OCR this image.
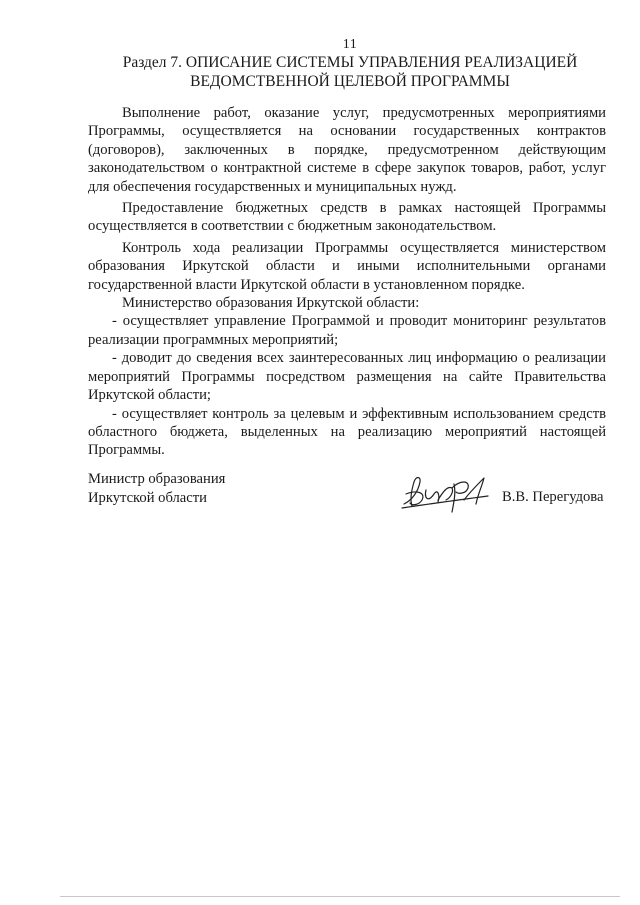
11
Раздел 7. ОПИСАНИЕ СИСТЕМЫ УПРАВЛЕНИЯ РЕАЛИЗАЦИЕЙ
ВЕДОМСТВЕННОЙ ЦЕЛЕВОЙ ПРОГРАММЫ

Выполнение работ, оказание услуг, предусмотренных мероприятиями Программы, осуществляется на основании государственных контрактов (договоров), заключенных в порядке, предусмотренном действующим законодательством о контрактной системе в сфере закупок товаров, работ, услуг для обеспечения государственных и муниципальных нужд.

Предоставление бюджетных средств в рамках настоящей Программы осуществляется в соответствии с бюджетным законодательством.

Контроль хода реализации Программы осуществляется министерством образования Иркутской области и иными исполнительными органами государственной власти Иркутской области в установленном порядке.

Министерство образования Иркутской области:

- осуществляет управление Программой и проводит мониторинг результатов реализации программных мероприятий;

- доводит до сведения всех заинтересованных лиц информацию о реализации мероприятий Программы посредством размещения на сайте Правительства Иркутской области;

- осуществляет контроль за целевым и эффективным использованием средств областного бюджета, выделенных на реализацию мероприятий настоящей Программы.

Министр образования
Иркутской области	В.В. Перегудова
